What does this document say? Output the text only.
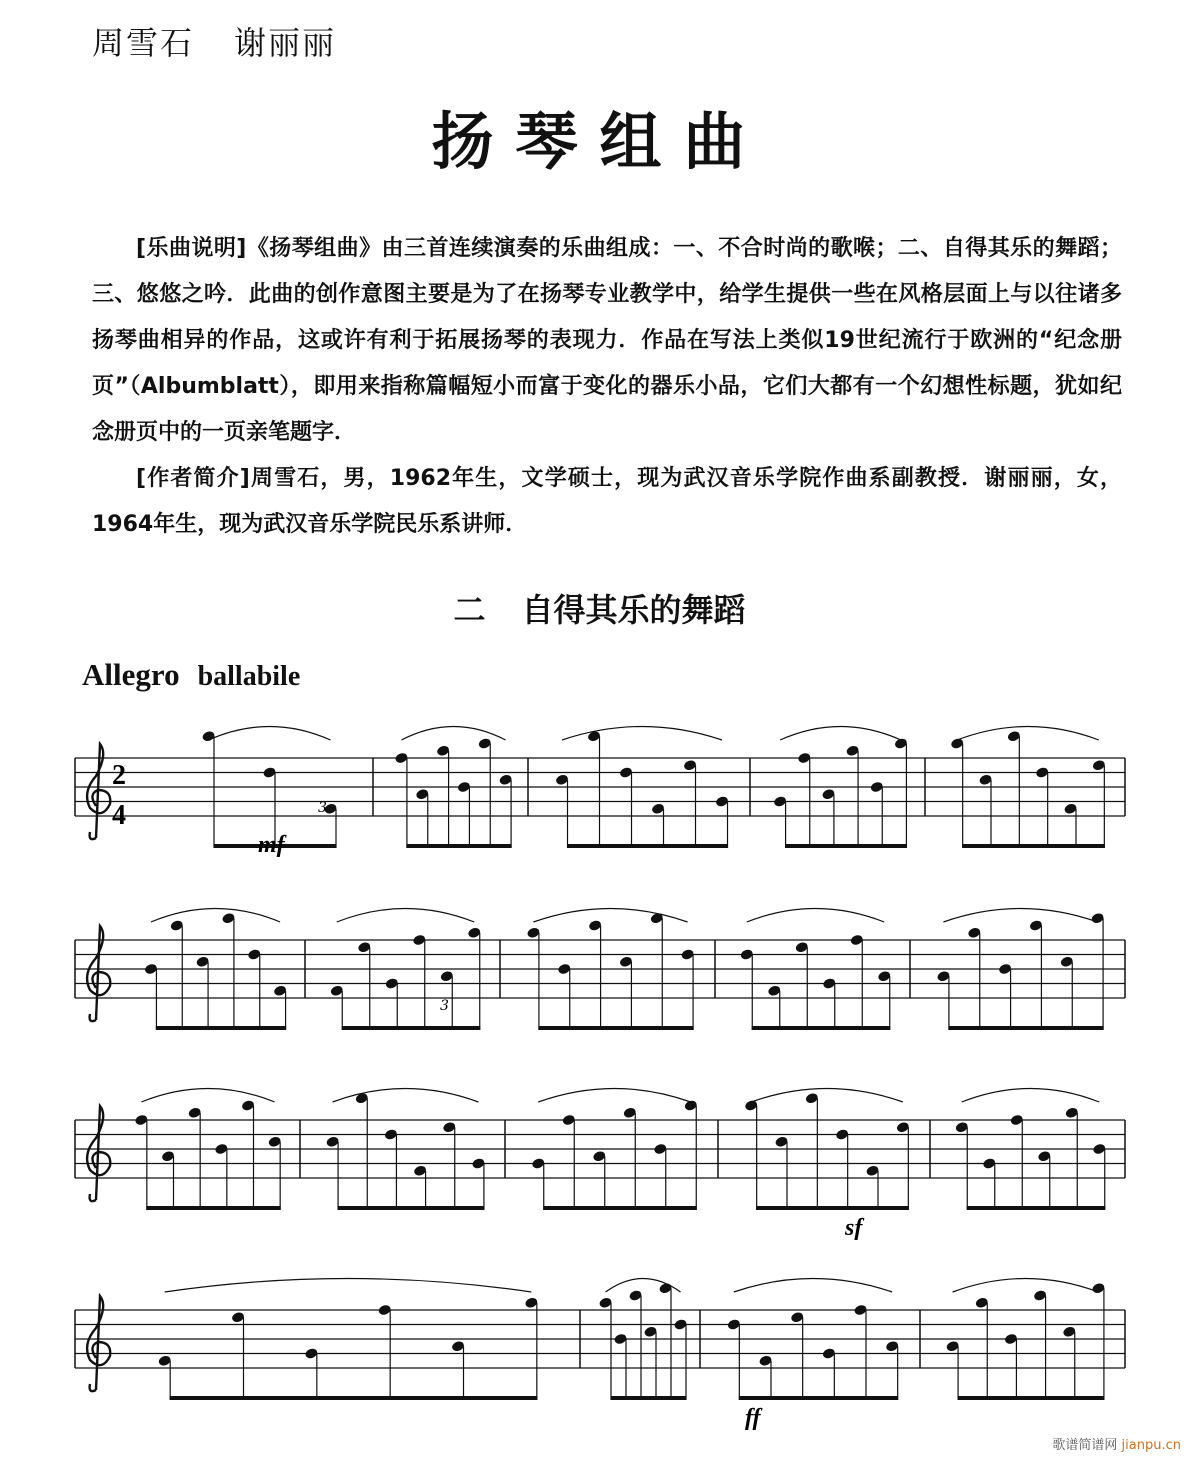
周雪石 谢丽丽
扬琴组曲

[乐曲说明]《扬琴组曲》由三首连续演奏的乐曲组成：一、不合时尚的歌喉；二、自得其乐的舞蹈；三、悠悠之吟．此曲的创作意图主要是为了在扬琴专业教学中，给学生提供一些在风格层面上与以往诸多扬琴曲相异的作品，这或许有利于拓展扬琴的表现力．作品在写法上类似19世纪流行于欧洲的“纪念册页”（Albumblatt），即用来指称篇幅短小而富于变化的器乐小品，它们大都有一个幻想性标题，犹如纪念册页中的一页亲笔题字．

[作者简介]周雪石，男，1962年生，文学硕士，现为武汉音乐学院作曲系副教授．谢丽丽，女，1964年生，现为武汉音乐学院民乐系讲师．

二 自得其乐的舞蹈
Allegro ballabile
2
4
mf
sf
ff
3
3
歌谱简谱网 jianpu.cn
